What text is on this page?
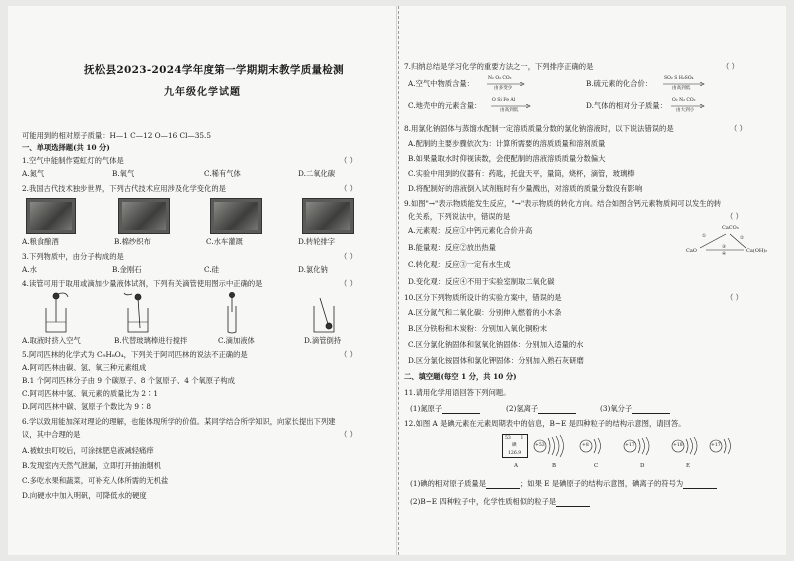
抚松县2023-2024学年度第一学期期末教学质量检测
九年级化学试题
可能用到的相对原子质量：H—1 C—12 O—16 Cl—35.5
一、单项选择题(共 10 分)
1.空气中能制作霓虹灯的气体是	（ ）
A.氮气	B.氧气	C.稀有气体	D.二氧化碳
2.我国古代技术独步世界，下列古代技术应用涉及化学变化的是	（ ）
A.粮食酿酒	B.棉纱织布	C.水车灌溉	D.转轮排字
3.下列物质中，由分子构成的是	（ ）
A.水	B.金刚石	C.硅	D.氯化钠
4.读管可用于取用或滴加少量液体试剂，下列有关滴管使用图示中正确的是	（ ）
A.取液时挤入空气	B.代替玻璃棒进行搅拌	C.滴加液体	D.滴管倒持
5.阿司匹林的化学式为 C₉H₈O₄，下列关于阿司匹林的说法不正确的是	（ ）
A.阿司匹林由碳、氢、氧三种元素组成
B.1 个阿司匹林分子由 9 个碳原子、8 个氢原子、4 个氧原子构成
C.阿司匹林中氢、氧元素的质量比为 2∶1
D.阿司匹林中碳、氢原子个数比为 9∶8
6.学以致用能加深对理论的理解，也能体现所学的价值。某同学结合所学知识，向家长提出下列建
议，其中合理的是	（ ）
A.被蚊虫叮咬后，可涂抹肥皂液减轻痛痒
B.发现室内天然气泄漏，立即打开抽油烟机
C.多吃水果和蔬菜，可补充人体所需的无机盐
D.向硬水中加入明矾，可降低水的硬度
7.归纳总结是学习化学的重要方法之一，下列排序正确的是	（ ）
A.空气中物质含量：
N₂ O₂ CO₂
由多变少
B.硫元素的化合价：
SO₂ S H₂SO₄
由高到低
C.地壳中的元素含量：
O Si Fe Al
由高到低
D.气体的相对分子质量：
O₂ N₂ CO₂
由大到小
8.用氯化钠固体与蒸馏水配制一定溶质质量分数的氯化钠溶液时，以下说法错误的是	（ ）
A.配制的主要步骤依次为：计算所需要的溶质质量和溶剂质量
B.如果量取水时仰视读数，会使配制的溶液溶质质量分数偏大
C.实验中用到的仪器有：药匙，托盘天平，量筒，烧杯，滴管，玻璃棒
D.将配制好的溶液倒入试剂瓶时有少量溅出，对溶质的质量分数没有影响
9.如图"→"表示物质能发生反应，"→"表示物质的转化方向。结合如图含钙元素物质间可以发生的转
化关系，下列说法中，错误的是	（ ）
A.元素观：反应①中钙元素化合价升高
B.能量观：反应②放出热量
C.转化观：反应③一定有水生成
D.变化观：反应④不用于实验室制取二氧化碳
CaCO₃
CaO	Ca(OH)₂
①	②
③
④
10.区分下列物质所设计的实验方案中，错误的是	（ ）
A.区分氮气和二氧化碳：分别伸入燃着的小木条
B.区分铁粉和木炭粉：分别加入氧化铜粉末
C.区分氯化钠固体和氢氧化钠固体：分别加入适量的水
D.区分氯化铵固体和氯化钾固体：分别加入熟石灰研磨
二、填空题(每空 1 分，共 10 分)
11.请用化学用语回答下列问题。
(1)氮原子	(2)氢离子	(3)氧分子
12.如图 A 是碘元素在元素周期表中的信息，B~E 是四种粒子的结构示意图，请回答。
53 I
碘
126.9
+53	+8	+17	+18	+17
A	B	C	D	E
(1)碘的相对原子质量是	；如果 E 是碘原子的结构示意图，碘离子的符号为
(2)B~E 四种粒子中，化学性质相似的粒子是
